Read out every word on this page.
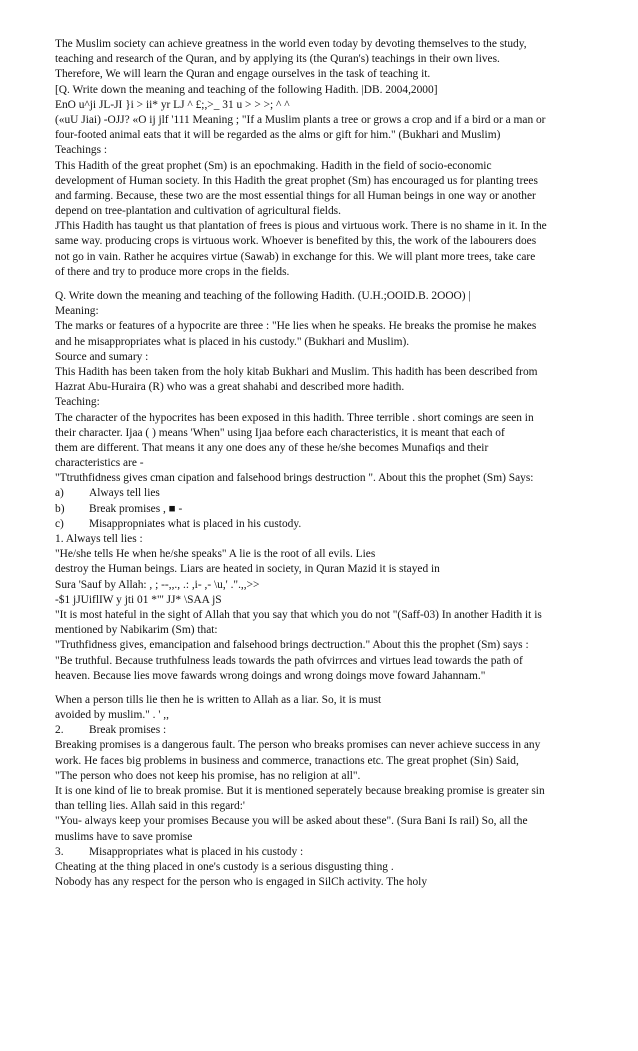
The Muslim society can achieve greatness in the world even today by devoting themselves to the study,
teaching and research of the Quran, and by applying its (the Quran's) teachings in their own lives.
Therefore, We will learn the Quran and engage ourselves in the task of teaching it.
[Q. Write down the meaning and teaching of the following Hadith. |DB. 2004,2000]
EnO u^ji JL-JI }i > ii* yr LJ ^ £;,>_ 31 u > > >; ^ ^
(«uU Jiai) -OJJ? «O ij jlf '111 Meaning ; "If a Muslim plants a tree or grows a crop and if a bird or a man or
four-footed animal eats that it will be regarded as the alms or gift for him." (Bukhari and Muslim)
Teachings :
This Hadith of the great prophet (Sm) is an epochmaking. Hadith in the field of socio-economic
development of Human society. In this Hadith the great prophet (Sm) has encouraged us for planting trees
and farming. Because, these two are the most essential things for all Human beings in one way or another
depend on tree-plantation and cultivation of agricultural fields.
JThis Hadith has taught us that plantation of frees is pious and virtuous work. There is no shame in it. In the
same way. producing crops is virtuous work. Whoever is benefited by this, the work of the labourers does
not go in vain. Rather he acquires virtue (Sawab) in exchange for this. We will plant more trees, take care
of there and try to produce more crops in the fields.
Q. Write down the meaning and teaching of the following Hadith. (U.H.;OOID.B. 2OOO) |
Meaning:
The marks or features of a hypocrite are three : "He lies when he speaks. He breaks the promise he makes
and he misappropriates what is placed in his custody." (Bukhari and Muslim).
Source and sumary :
This Hadith has been taken from the holy kitab Bukhari and Muslim. This hadith has been described from
Hazrat Abu-Huraira (R) who was a great shahabi and described more hadith.
Teaching:
The character of the hypocrites has been exposed in this hadith. Three terrible . short comings are seen in
their character. Ijaa ( ) means 'When" using Ijaa before each characteristics, it is meant that each of
them are different. That means it any one does any of these he/she becomes Munafiqs and their
characteristics are -
"Ttruthfidness gives cman cipation and falsehood brings destruction ". About this the prophet (Sm) Says:
a) Always tell lies
b) Break promises , ■ -
c) Misappropniates what is placed in his custody.
1. Always tell lies :
"He/she tells He when he/she speaks" A lie is the root of all evils. Lies
destroy the Human beings. Liars are heated in society, in Quran Mazid it is stayed in
Sura 'Sauf by Allah: , ; --,,., .: ,i- ,- \u,' .".,,>>
-$1 jJUiflIW y jti 01 *"' JJ* \SAA jS
"It is most hateful in the sight of Allah that you say that which you do not "(Saff-03) In another Hadith it is
mentioned by Nabikarim (Sm) that:
"Truthfidness gives, emancipation and falsehood brings dectruction." About this the prophet (Sm) says :
"Be truthful. Because truthfulness leads towards the path ofvirrces and virtues lead towards the path of
heaven. Because lies move fawards wrong doings and wrong doings move foward Jahannam."
When a person tills lie then he is written to Allah as a liar. So, it is must
avoided by muslim." . ' ,,
2. Break promises :
Breaking promises is a dangerous fault. The person who breaks promises can never achieve success in any
work. He faces big problems in business and commerce, tranactions etc. The great prophet (Sin) Said,
"The person who does not keep his promise, has no religion at all".
It is one kind of lie to break promise. But it is mentioned seperately because breaking promise is greater sin
than telling lies. Allah said in this regard:'
"You- always keep your promises Because you will be asked about these". (Sura Bani Is rail) So, all the
muslims have to save promise
3. Misappropriates what is placed in his custody :
Cheating at the thing placed in one's custody is a serious disgusting thing .
Nobody has any respect for the person who is engaged in SilCh activity. The holy
